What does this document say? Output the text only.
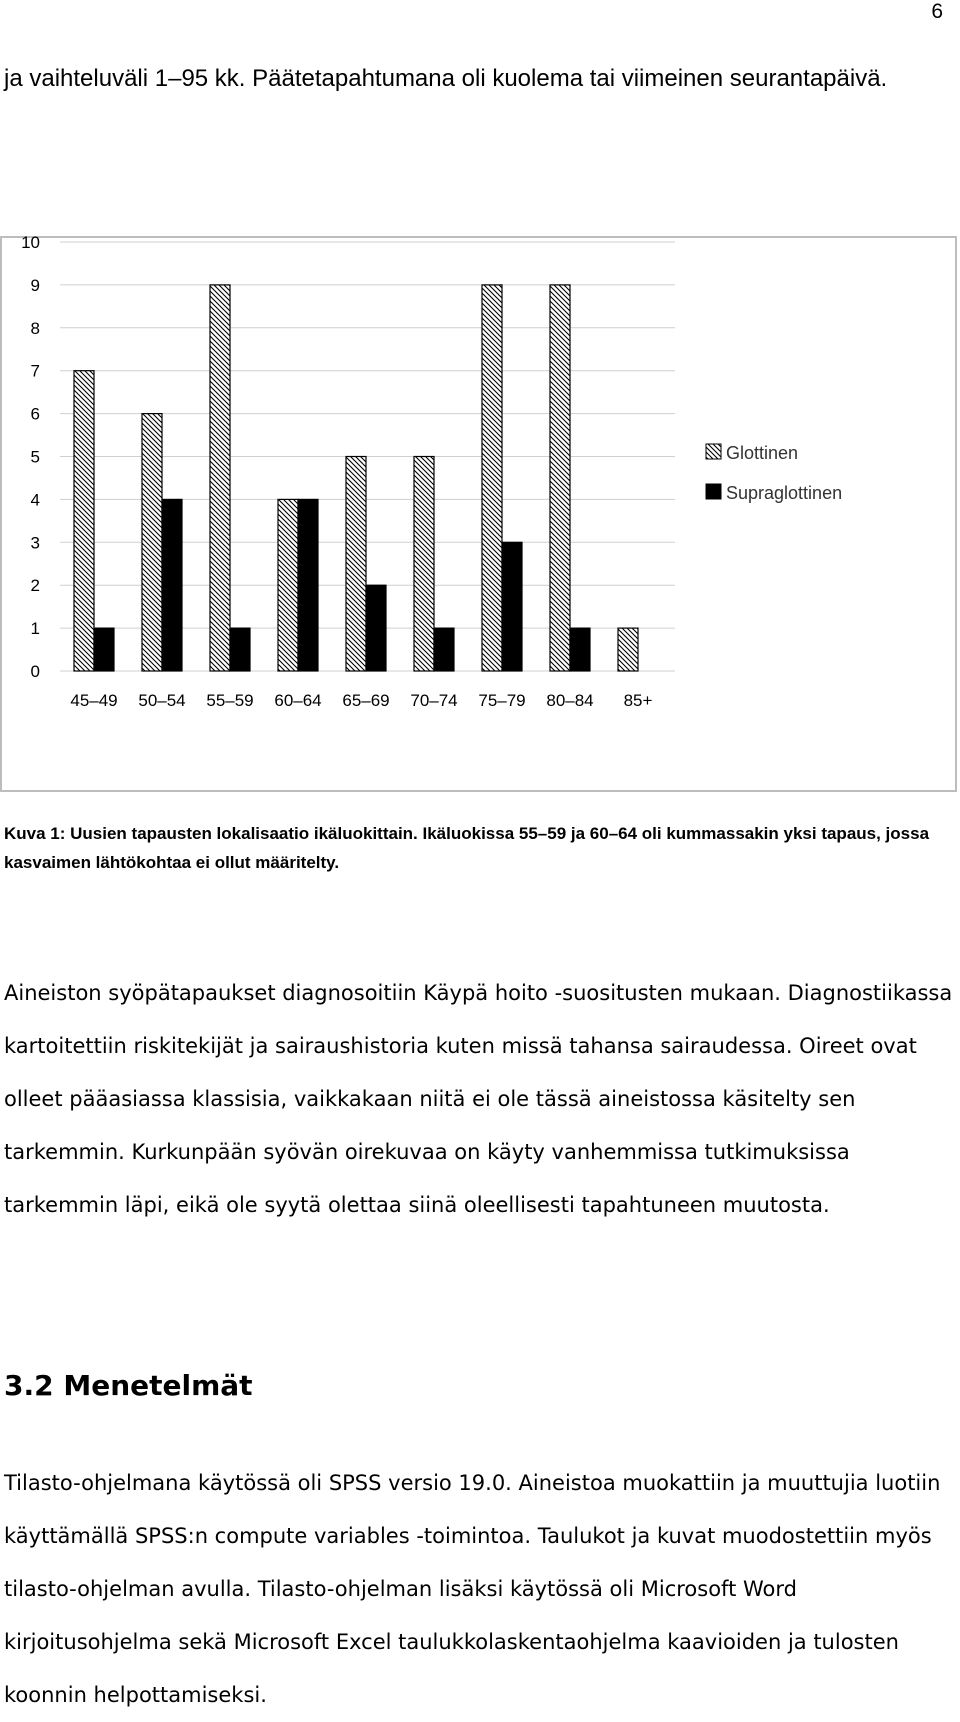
6

ja vaihteluväli 1–95 kk. Päätetapahtumana oli kuolema tai viimeinen seurantapäivä.

0
1
2
3
4
5
6
7
8
9
10
45–49 50–54 55–59 60–64 65–69 70–74 75–79 80–84 85+
Glottinen
Supraglottinen

Kuva 1: Uusien tapausten lokalisaatio ikäluokittain. Ikäluokissa 55–59 ja 60–64 oli kummassakin yksi tapaus, jossa kasvaimen lähtökohtaa ei ollut määritelty.

Aineiston syöpätapaukset diagnosoitiin Käypä hoito -suositusten mukaan. Diagnostiikassa kartoitettiin riskitekijät ja sairaushistoria kuten missä tahansa sairaudessa. Oireet ovat olleet pääasiassa klassisia, vaikkakaan niitä ei ole tässä aineistossa käsitelty sen tarkemmin. Kurkunpään syövän oirekuvaa on käyty vanhemmissa tutkimuksissa tarkemmin läpi, eikä ole syytä olettaa siinä oleellisesti tapahtuneen muutosta.

3.2 Menetelmät

Tilasto-ohjelmana käytössä oli SPSS versio 19.0. Aineistoa muokattiin ja muuttujia luotiin käyttämällä SPSS:n compute variables -toimintoa. Taulukot ja kuvat muodostettiin myös tilasto-ohjelman avulla. Tilasto-ohjelman lisäksi käytössä oli Microsoft Word kirjoitusohjelma sekä Microsoft Excel taulukkolaskentaohjelma kaavioiden ja tulosten koonnin helpottamiseksi.
